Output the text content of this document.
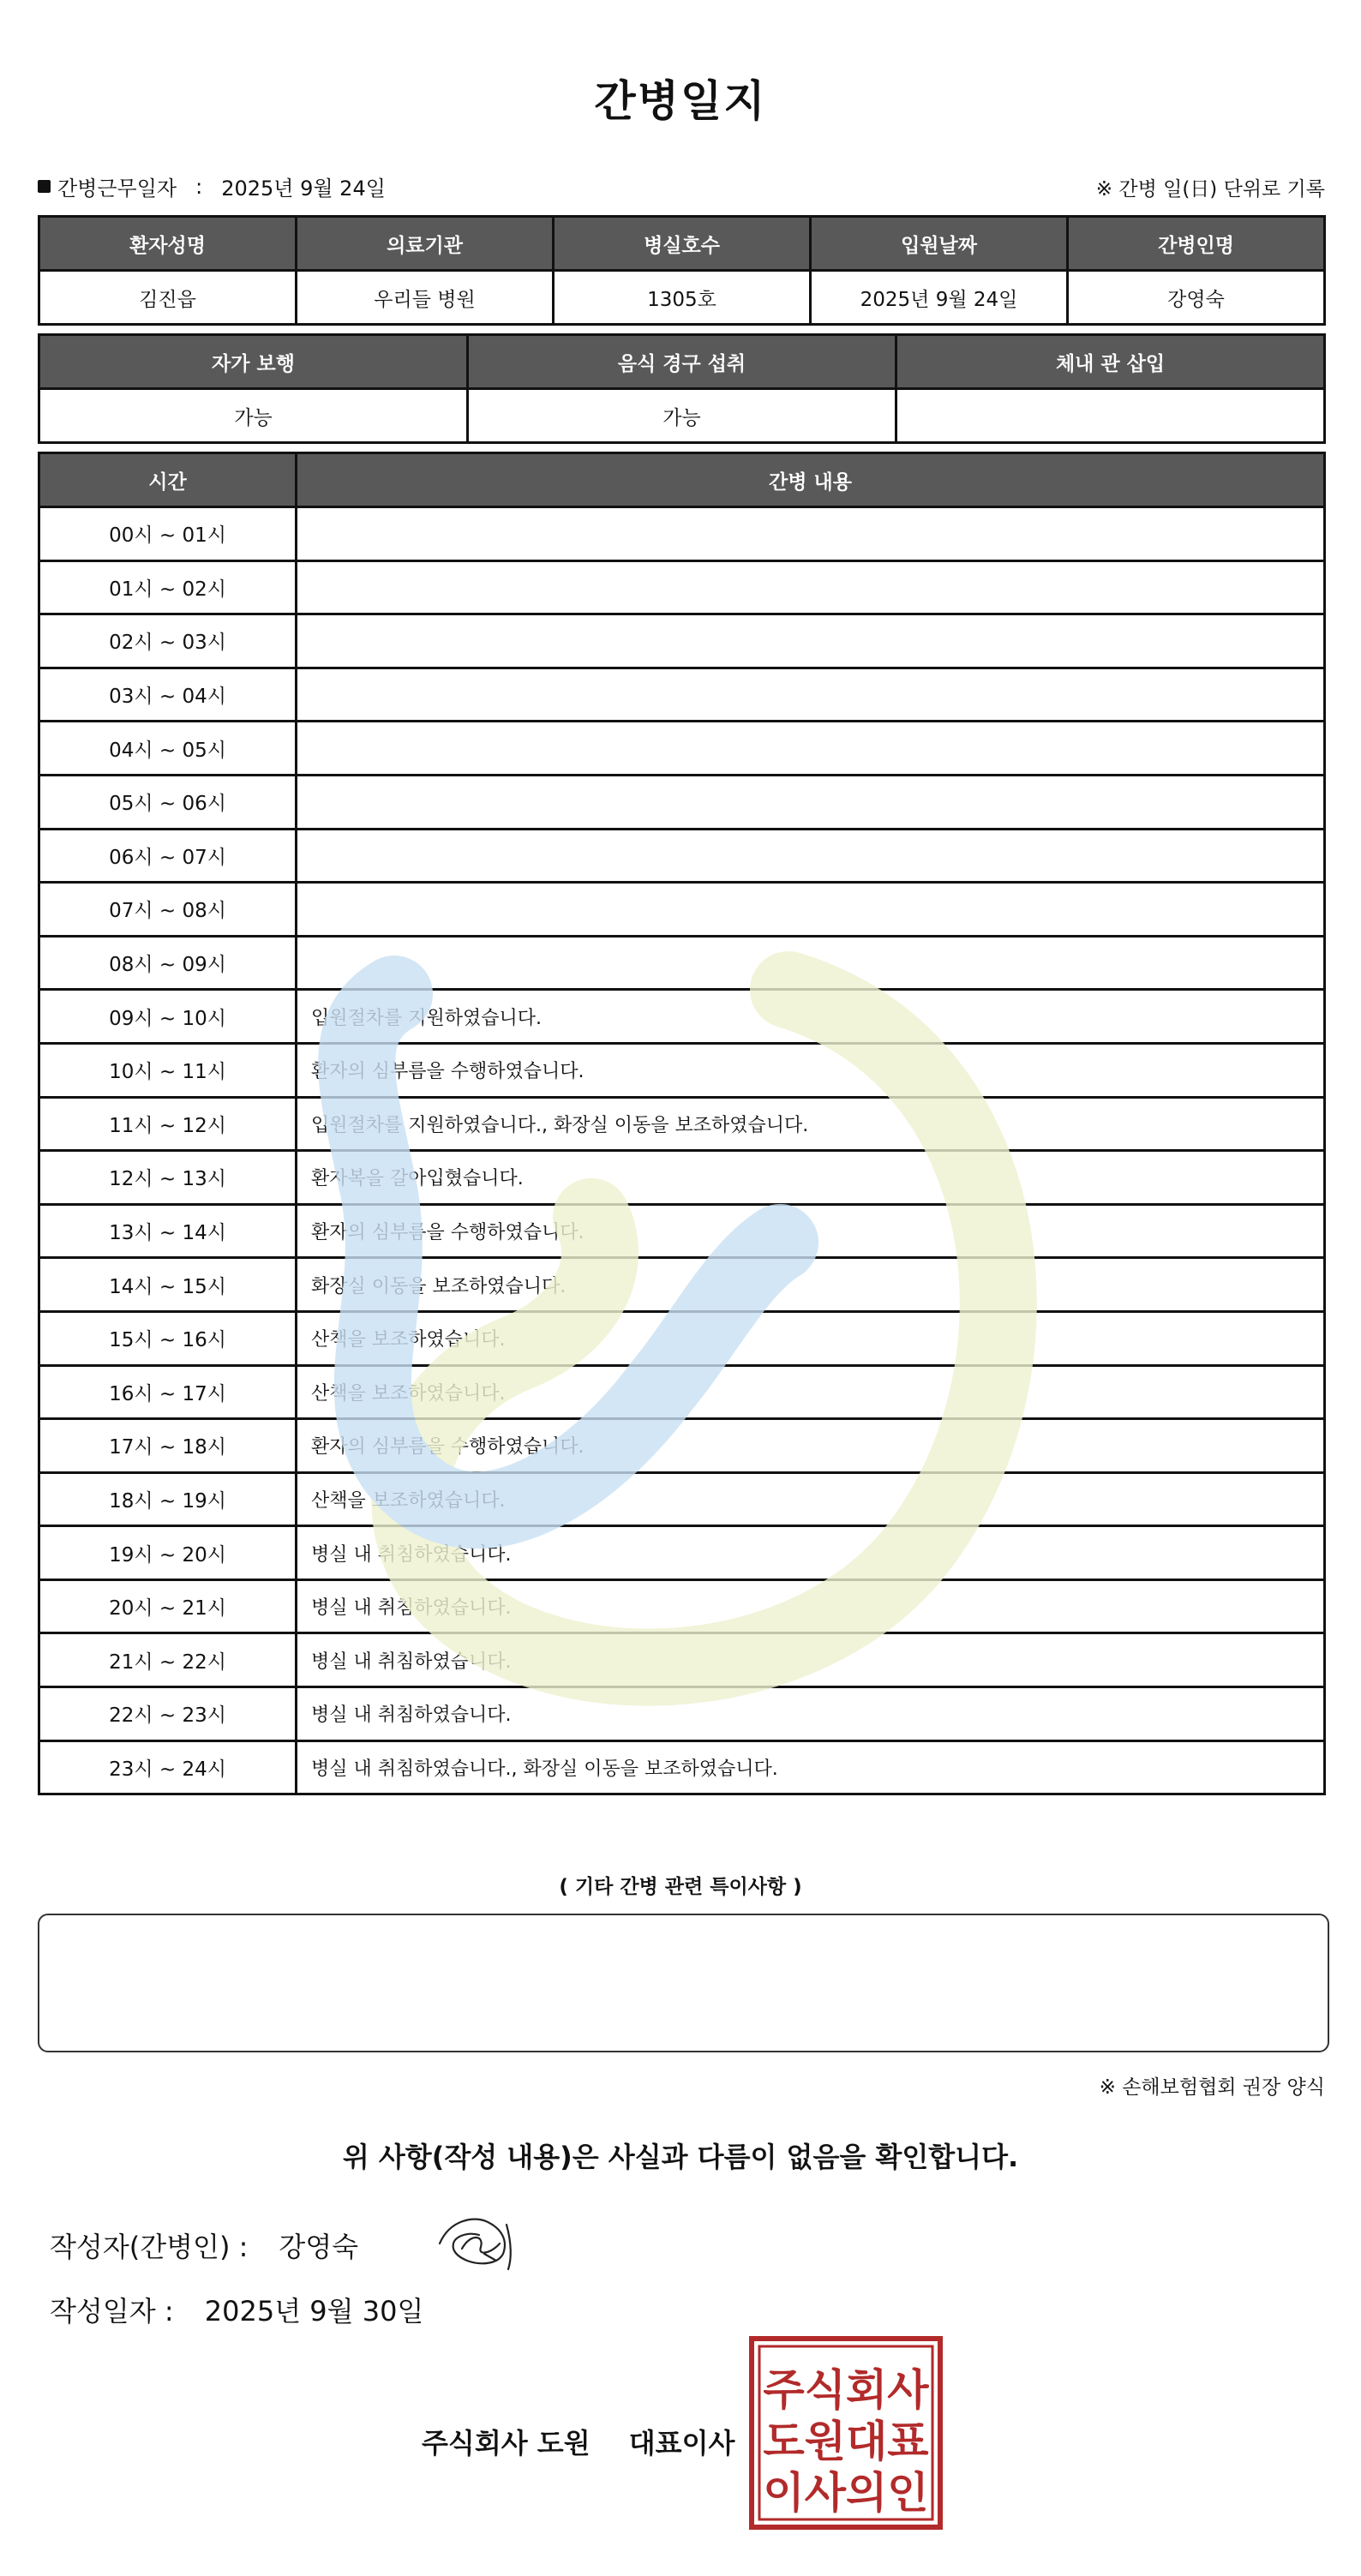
간병일지
간병근무일자 : 2025년 9월 24일	※ 간병 일(日) 단위로 기록
환자성명	의료기관	병실호수	입원날짜	간병인명
김진읍	우리들 병원	1305호	2025년 9월 24일	강영숙
자가 보행	음식 경구 섭취	체내 관 삽입
가능	가능	
시간	간병 내용
00시 ~ 01시	
01시 ~ 02시	
02시 ~ 03시	
03시 ~ 04시	
04시 ~ 05시	
05시 ~ 06시	
06시 ~ 07시	
07시 ~ 08시	
08시 ~ 09시	
09시 ~ 10시	입원절차를 지원하였습니다.
10시 ~ 11시	환자의 심부름을 수행하였습니다.
11시 ~ 12시	입원절차를 지원하였습니다., 화장실 이동을 보조하였습니다.
12시 ~ 13시	환자복을 갈아입혔습니다.
13시 ~ 14시	환자의 심부름을 수행하였습니다.
14시 ~ 15시	화장실 이동을 보조하였습니다.
15시 ~ 16시	산책을 보조하였습니다.
16시 ~ 17시	산책을 보조하였습니다.
17시 ~ 18시	환자의 심부름을 수행하였습니다.
18시 ~ 19시	산책을 보조하였습니다.
19시 ~ 20시	병실 내 취침하였습니다.
20시 ~ 21시	병실 내 취침하였습니다.
21시 ~ 22시	병실 내 취침하였습니다.
22시 ~ 23시	병실 내 취침하였습니다.
23시 ~ 24시	병실 내 취침하였습니다., 화장실 이동을 보조하였습니다.
( 기타 간병 관련 특이사항 )
※ 손해보험협회 권장 양식
위 사항(작성 내용)은 사실과 다름이 없음을 확인합니다.
작성자(간병인) : 강영숙
작성일자 : 2025년 9월 30일
주식회사 도원 대표이사
주식회사
도원대표
이사의인
